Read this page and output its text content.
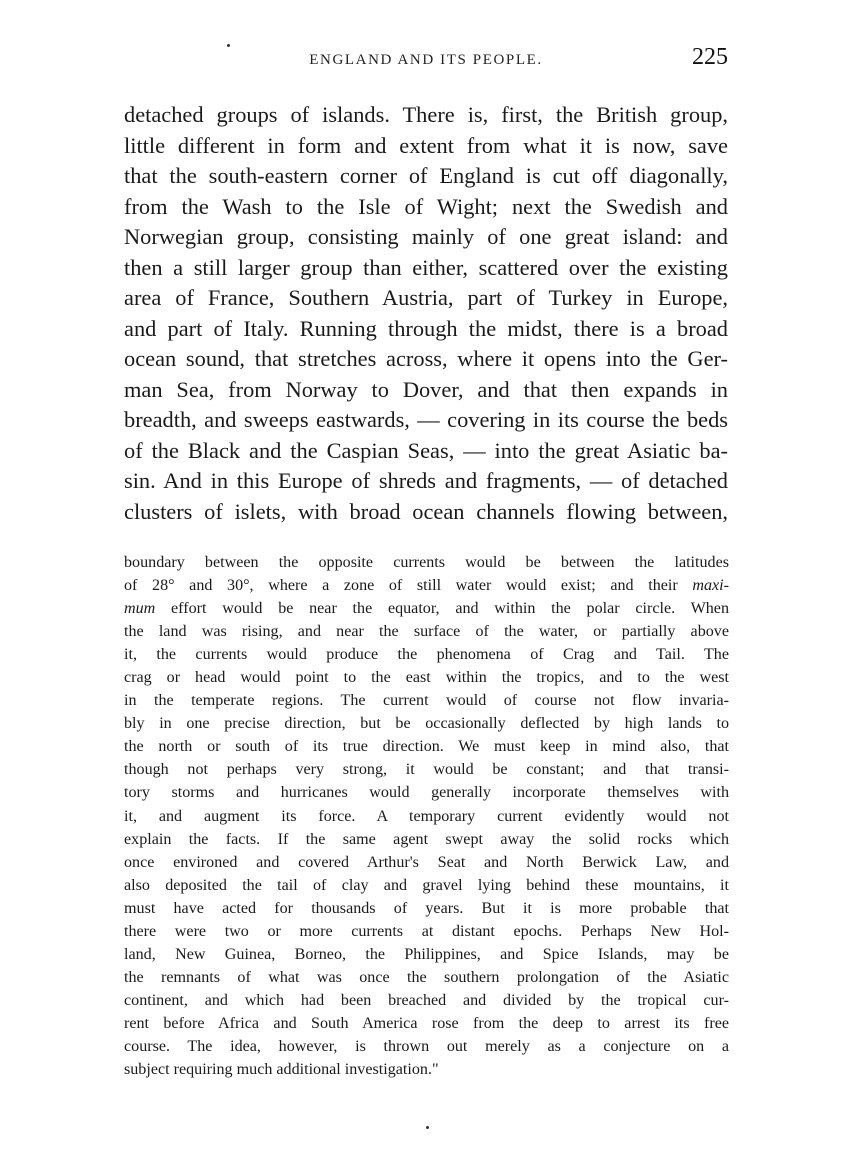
ENGLAND AND ITS PEOPLE.	225
detached groups of islands. There is, first, the British group,
little different in form and extent from what it is now, save
that the south-eastern corner of England is cut off diagonally,
from the Wash to the Isle of Wight; next the Swedish and
Norwegian group, consisting mainly of one great island: and
then a still larger group than either, scattered over the existing
area of France, Southern Austria, part of Turkey in Europe,
and part of Italy. Running through the midst, there is a broad
ocean sound, that stretches across, where it opens into the Ger-
man Sea, from Norway to Dover, and that then expands in
breadth, and sweeps eastwards, — covering in its course the beds
of the Black and the Caspian Seas, — into the great Asiatic ba-
sin. And in this Europe of shreds and fragments, — of detached
clusters of islets, with broad ocean channels flowing between,
boundary between the opposite currents would be between the latitudes
of 28° and 30°, where a zone of still water would exist; and their maxi-
mum effort would be near the equator, and within the polar circle. When
the land was rising, and near the surface of the water, or partially above
it, the currents would produce the phenomena of Crag and Tail. The
crag or head would point to the east within the tropics, and to the west
in the temperate regions. The current would of course not flow invaria-
bly in one precise direction, but be occasionally deflected by high lands to
the north or south of its true direction. We must keep in mind also, that
though not perhaps very strong, it would be constant; and that transi-
tory storms and hurricanes would generally incorporate themselves with
it, and augment its force. A temporary current evidently would not
explain the facts. If the same agent swept away the solid rocks which
once environed and covered Arthur's Seat and North Berwick Law, and
also deposited the tail of clay and gravel lying behind these mountains, it
must have acted for thousands of years. But it is more probable that
there were two or more currents at distant epochs. Perhaps New Hol-
land, New Guinea, Borneo, the Philippines, and Spice Islands, may be
the remnants of what was once the southern prolongation of the Asiatic
continent, and which had been breached and divided by the tropical cur-
rent before Africa and South America rose from the deep to arrest its free
course. The idea, however, is thrown out merely as a conjecture on a
subject requiring much additional investigation."
